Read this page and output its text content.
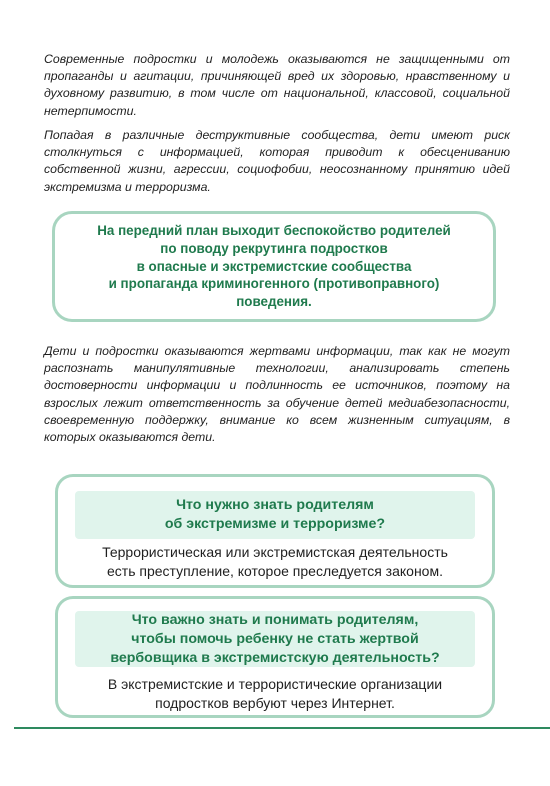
Современные подростки и молодежь оказываются не защищенными от пропаганды и агитации, причиняющей вред их здоровью, нравственному и духовному развитию, в том числе от национальной, классовой, социальной нетерпимости.

Попадая в различные деструктивные сообщества, дети имеют риск столкнуться с информацией, которая приводит к обесцениванию собственной жизни, агрессии, социофобии, неосознанному принятию идей экстремизма и терроризма.

На передний план выходит беспокойство родителей
по поводу рекрутинга подростков
в опасные и экстремистские сообщества
и пропаганда криминогенного (противоправного)
поведения.

Дети и подростки оказываются жертвами информации, так как не могут распознать манипулятивные технологии, анализировать степень достоверности информации и подлинность ее источников, поэтому на взрослых лежит ответственность за обучение детей медиабезопасности, своевременную поддержку, внимание ко всем жизненным ситуациям, в которых оказываются дети.

Что нужно знать родителям
об экстремизме и терроризме?

Террористическая или экстремистская деятельность
есть преступление, которое преследуется законом.

Что важно знать и понимать родителям,
чтобы помочь ребенку не стать жертвой
вербовщика в экстремистскую деятельность?

В экстремистские и террористические организации
подростков вербуют через Интернет.
